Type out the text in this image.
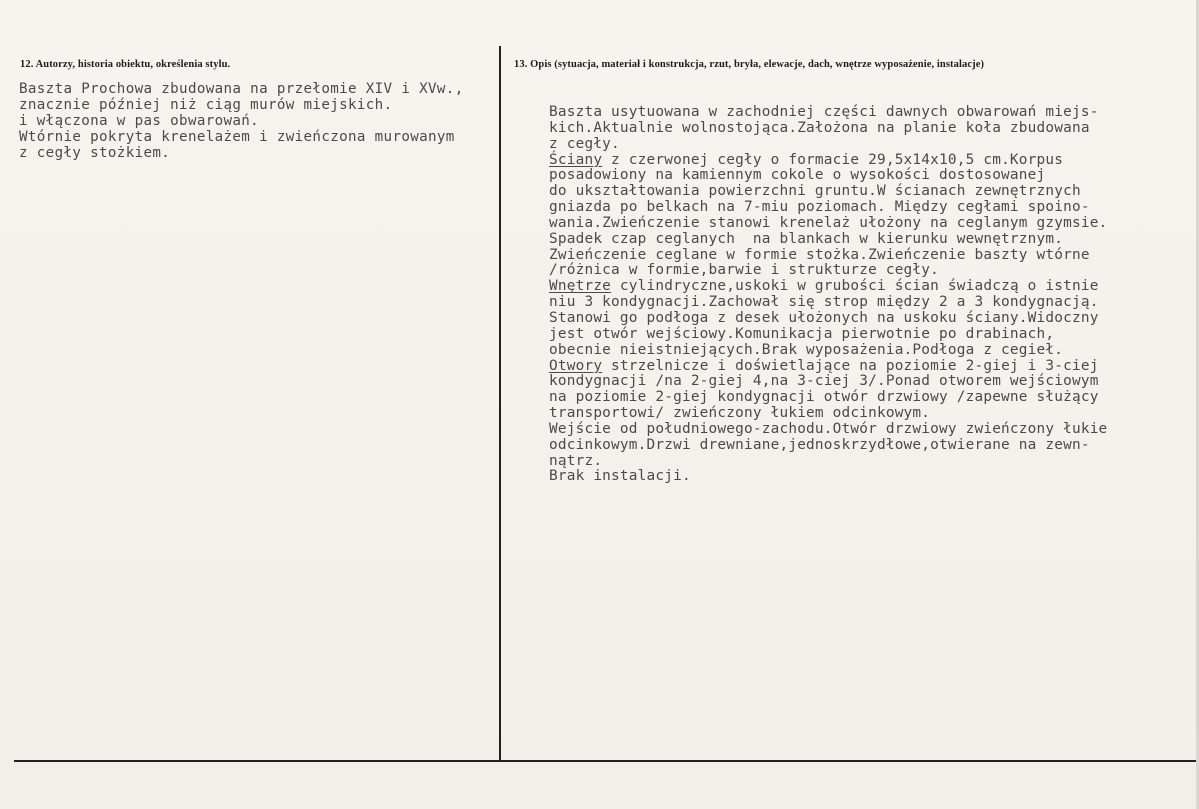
12. Autorzy, historia obiektu, określenia stylu.	13. Opis (sytuacja, materiał i konstrukcja, rzut, bryła, elewacje, dach, wnętrze wyposażenie, instalacje)
Baszta Prochowa zbudowana na przełomie XIV i XVw.,
znacznie później niż ciąg murów miejskich.
i włączona w pas obwarowań.
Wtórnie pokryta krenelażem i zwieńczona murowanym
z cegły stożkiem.
Baszta usytuowana w zachodniej części dawnych obwarowań miejs-
kich.Aktualnie wolnostojąca.Założona na planie koła zbudowana
z cegły.
Ściany z czerwonej cegły o formacie 29,5x14x10,5 cm.Korpus
posadowiony na kamiennym cokole o wysokości dostosowanej
do ukształtowania powierzchni gruntu.W ścianach zewnętrznych
gniazda po belkach na 7-miu poziomach. Między cegłami spoino-
wania.Zwieńczenie stanowi krenelaż ułożony na ceglanym gzymsie.
Spadek czap ceglanych  na blankach w kierunku wewnętrznym.
Zwieńczenie ceglane w formie stożka.Zwieńczenie baszty wtórne
/różnica w formie,barwie i strukturze cegły.
Wnętrze cylindryczne,uskoki w grubości ścian świadczą o istnie
niu 3 kondygnacji.Zachował się strop między 2 a 3 kondygnacją.
Stanowi go podłoga z desek ułożonych na uskoku ściany.Widoczny
jest otwór wejściowy.Komunikacja pierwotnie po drabinach,
obecnie nieistniejących.Brak wyposażenia.Podłoga z cegieł.
Otwory strzelnicze i doświetlające na poziomie 2-giej i 3-ciej
kondygnacji /na 2-giej 4,na 3-ciej 3/.Ponad otworem wejściowym
na poziomie 2-giej kondygnacji otwór drzwiowy /zapewne służący
transportowi/ zwieńczony łukiem odcinkowym.
Wejście od południowego-zachodu.Otwór drzwiowy zwieńczony łukie
odcinkowym.Drzwi drewniane,jednoskrzydłowe,otwierane na zewn-
nątrz.
Brak instalacji.
